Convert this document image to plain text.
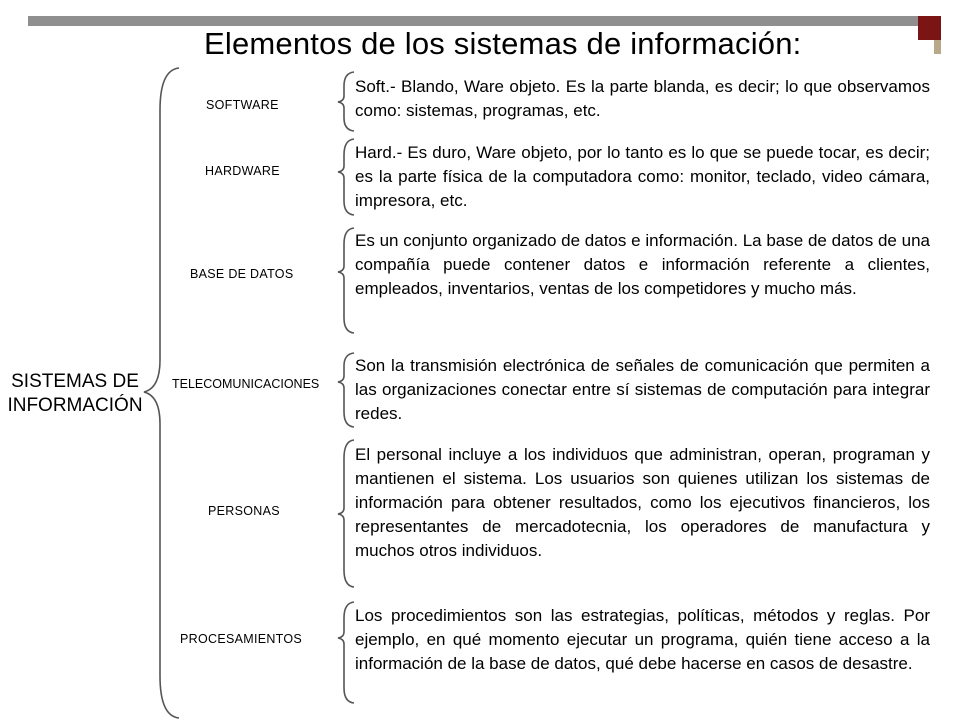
Elementos de los sistemas de información:
SISTEMAS DE
INFORMACIÓN
SOFTWARE
HARDWARE
BASE DE DATOS
TELECOMUNICACIONES
PERSONAS
PROCESAMIENTOS

Soft.- Blando, Ware objeto. Es la parte blanda, es decir; lo que observamos como: sistemas, programas, etc.

Hard.- Es duro, Ware objeto, por lo tanto es lo que se puede tocar, es decir; es la parte física de la computadora como: monitor, teclado, video cámara, impresora, etc.

Es un conjunto organizado de datos e información. La base de datos de una compañía puede contener datos e información referente a clientes, empleados, inventarios, ventas de los competidores y mucho más.

Son la transmisión electrónica de señales de comunicación que permiten a las organizaciones conectar entre sí sistemas de computación para integrar redes.

El personal incluye a los individuos que administran, operan, programan y mantienen el sistema. Los usuarios son quienes utilizan los sistemas de información para obtener resultados, como los ejecutivos financieros, los representantes de mercadotecnia, los operadores de manufactura y muchos otros individuos.

Los procedimientos son las estrategias, políticas, métodos y reglas. Por ejemplo, en qué momento ejecutar un programa, quién tiene acceso a la información de la base de datos, qué debe hacerse en casos de desastre.
